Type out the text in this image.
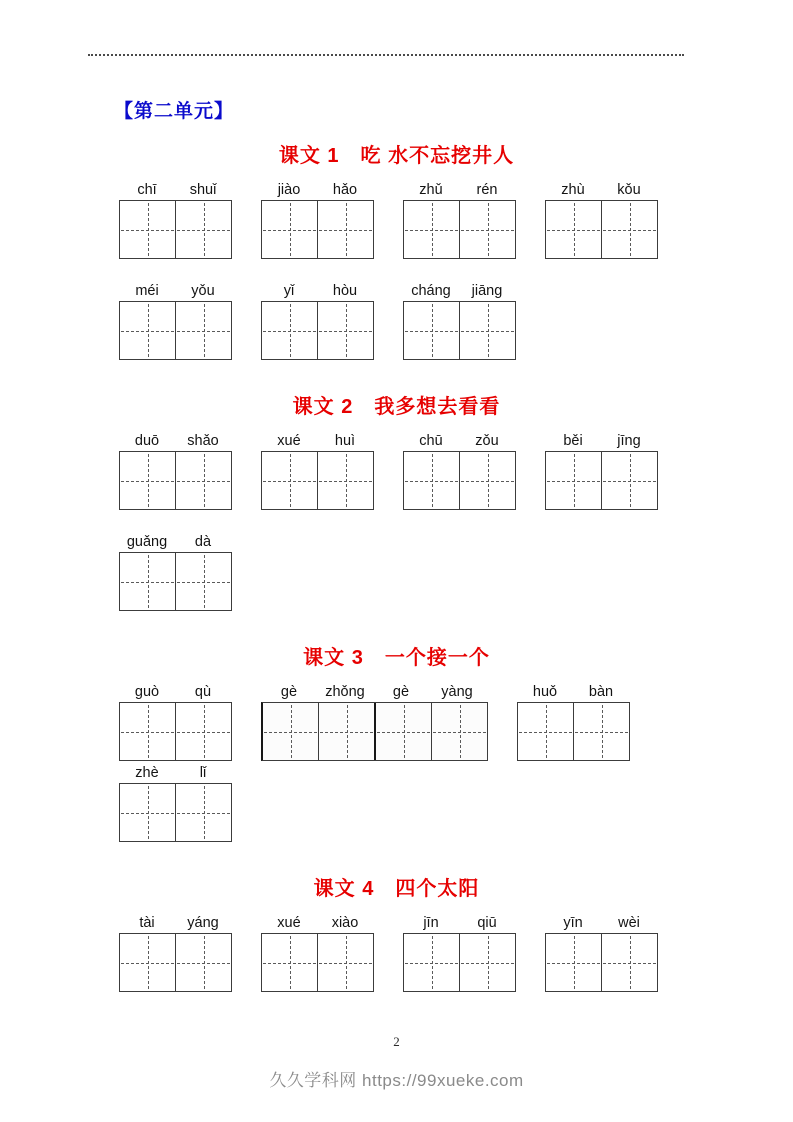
【第二单元】
课文 1　吃 水不忘挖井人
chī	shuǐ	jiào	hǎo	zhǔ	rén	zhù	kǒu
méi	yǒu	yǐ	hòu	cháng	jiāng
课文 2　我多想去看看
duō	shǎo	xué	huì	chū	zǒu	běi	jīng
guǎng	dà
课文 3　一个接一个
guò	qù	gè	zhǒng	gè	yàng	huǒ	bàn
zhè	lǐ
课文 4　四个太阳
tài	yáng	xué	xiào	jīn	qiū	yīn	wèi
2
久久学科网 https://99xueke.com
